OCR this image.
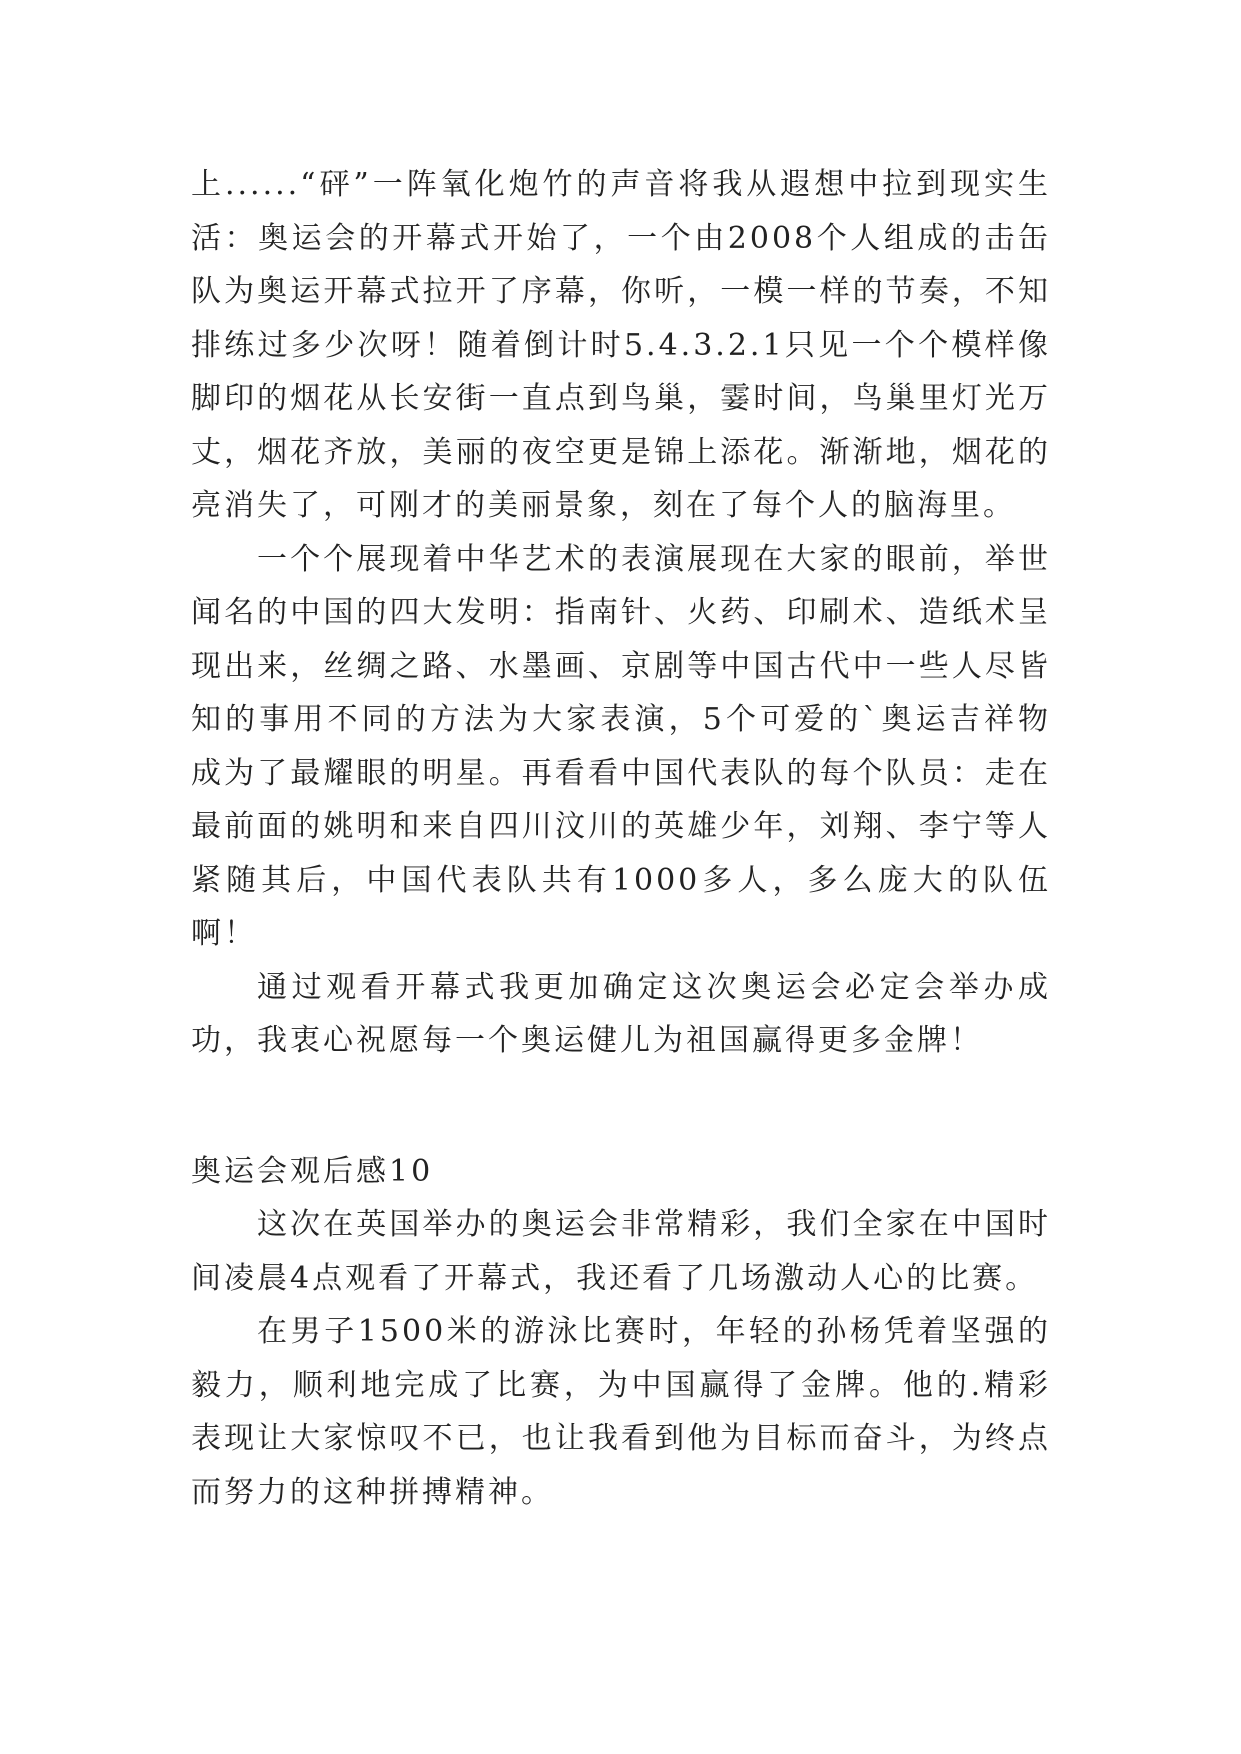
上......“砰”一阵氧化炮竹的声音将我从遐想中拉到现实生活：奥运会的开幕式开始了，一个由2008个人组成的击缶队为奥运开幕式拉开了序幕，你听，一模一样的节奏，不知排练过多少次呀！随着倒计时5.4.3.2.1只见一个个模样像脚印的烟花从长安街一直点到鸟巢，霎时间，鸟巢里灯光万丈，烟花齐放，美丽的夜空更是锦上添花。渐渐地，烟花的亮消失了，可刚才的美丽景象，刻在了每个人的脑海里。

一个个展现着中华艺术的表演展现在大家的眼前，举世闻名的中国的四大发明：指南针、火药、印刷术、造纸术呈现出来，丝绸之路、水墨画、京剧等中国古代中一些人尽皆知的事用不同的方法为大家表演，5个可爱的`奥运吉祥物成为了最耀眼的明星。再看看中国代表队的每个队员：走在最前面的姚明和来自四川汶川的英雄少年，刘翔、李宁等人紧随其后，中国代表队共有1000多人，多么庞大的队伍啊！

通过观看开幕式我更加确定这次奥运会必定会举办成功，我衷心祝愿每一个奥运健儿为祖国赢得更多金牌！

奥运会观后感10

这次在英国举办的奥运会非常精彩，我们全家在中国时间凌晨4点观看了开幕式，我还看了几场激动人心的比赛。

在男子1500米的游泳比赛时，年轻的孙杨凭着坚强的毅力，顺利地完成了比赛，为中国赢得了金牌。他的.精彩表现让大家惊叹不已，也让我看到他为目标而奋斗，为终点而努力的这种拼搏精神。
